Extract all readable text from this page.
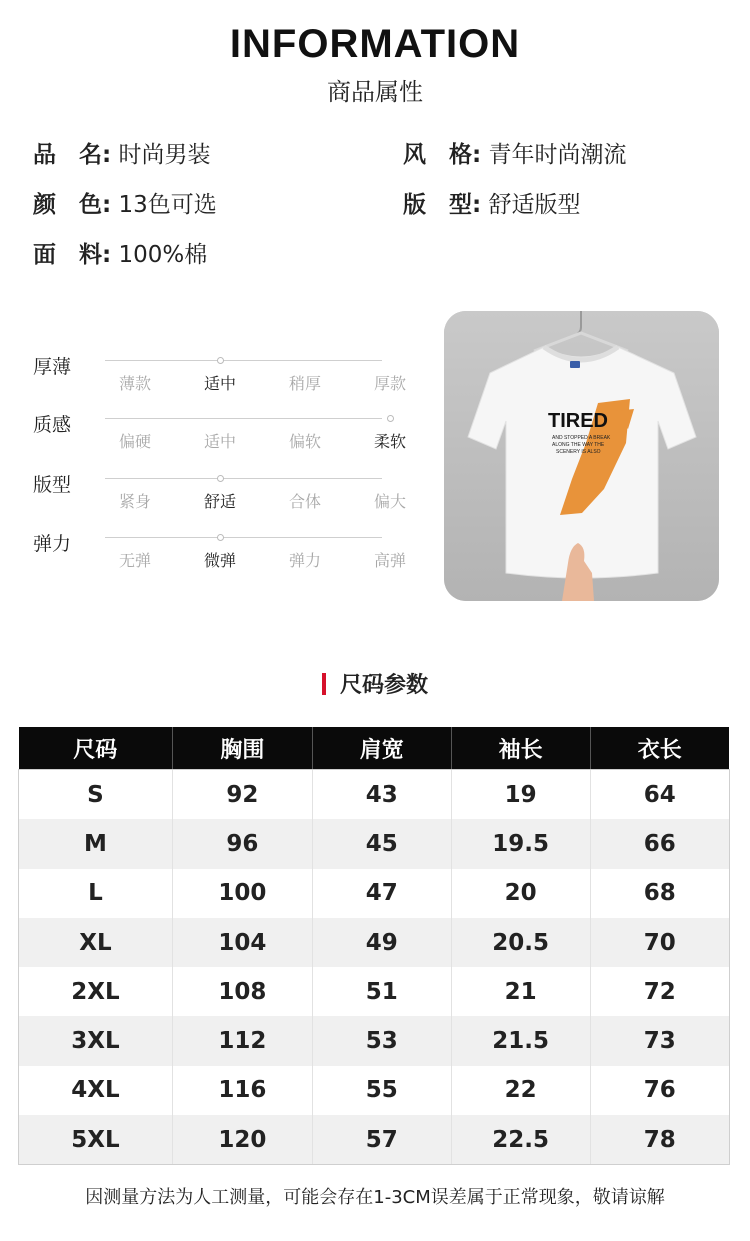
INFORMATION
商品属性
品　名: 时尚男装	风　格: 青年时尚潮流
颜　色: 13色可选	版　型: 舒适版型
面　料: 100%棉
厚薄
薄款	适中	稍厚	厚款
质感
偏硬	适中	偏软	柔软
版型
紧身	舒适	合体	偏大
弹力
无弹	微弹	弹力	高弹
TIRED
AND STOPPED A BREAK
ALONG THE WAY THE
SCENERY IS ALSO
尺码参数
尺码	胸围	肩宽	袖长	衣长
S	92	43	19	64
M	96	45	19.5	66
L	100	47	20	68
XL	104	49	20.5	70
2XL	108	51	21	72
3XL	112	53	21.5	73
4XL	116	55	22	76
5XL	120	57	22.5	78
因测量方法为人工测量，可能会存在1-3CM误差属于正常现象，敬请谅解
